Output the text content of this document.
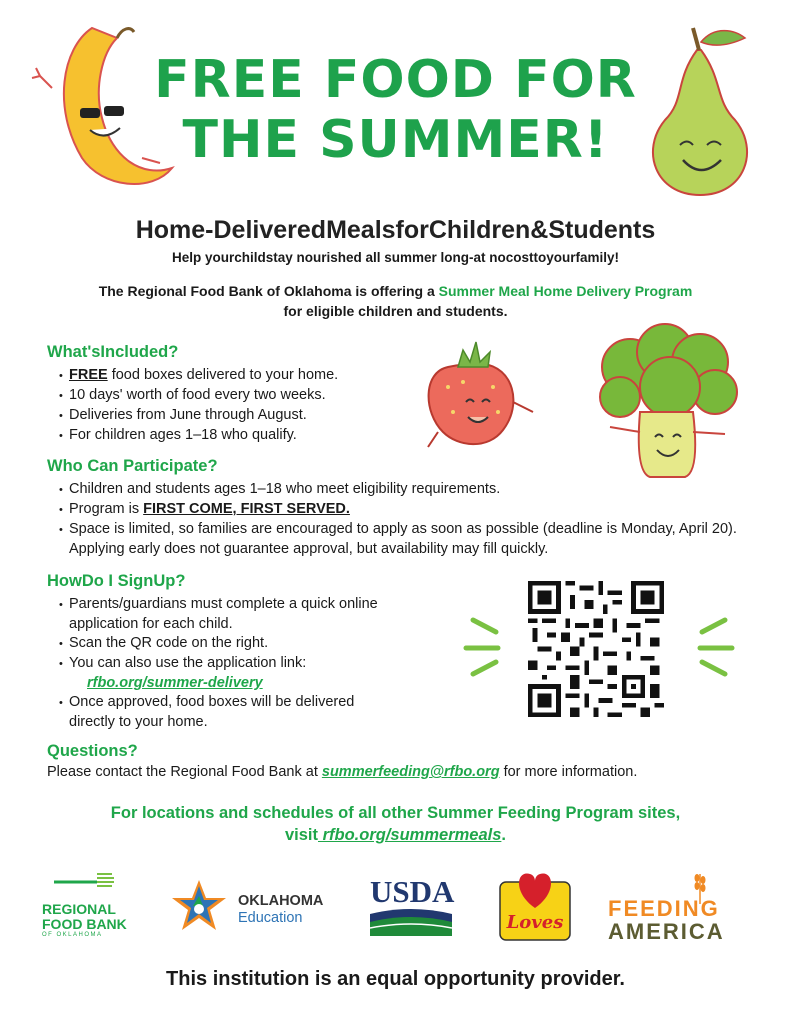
FREE FOOD FOR
THE SUMMER!
Home-DeliveredMealsforChildren&Students
Help yourchildstay nourished all summer long-at nocosttoyourfamily!
The Regional Food Bank of Oklahoma is offering a Summer Meal Home Delivery Program
for eligible children and students.
What'sIncluded?
• FREE food boxes delivered to your home.
• 10 days' worth of food every two weeks.
• Deliveries from June through August.
• For children ages 1–18 who qualify.
Who Can Participate?
• Children and students ages 1–18 who meet eligibility requirements.
• Program is FIRST COME, FIRST SERVED.
• Space is limited, so families are encouraged to apply as soon as possible (deadline is Monday, April 20). Applying early does not guarantee approval, but availability may fill quickly.
HowDo I SignUp?
• Parents/guardians must complete a quick online application for each child.
• Scan the QR code on the right.
• You can also use the application link:
rfbo.org/summer-delivery
• Once approved, food boxes will be delivered directly to your home.
Questions?

Please contact the Regional Food Bank at summerfeeding@rfbo.org for more information.

For locations and schedules of all other Summer Feeding Program sites,
visit rfbo.org/summermeals.
REGIONAL
FOOD BANK
OF OKLAHOMA
OKLAHOMA
Education
USDA
Loves
FEEDING
AMERICA
This institution is an equal opportunity provider.
